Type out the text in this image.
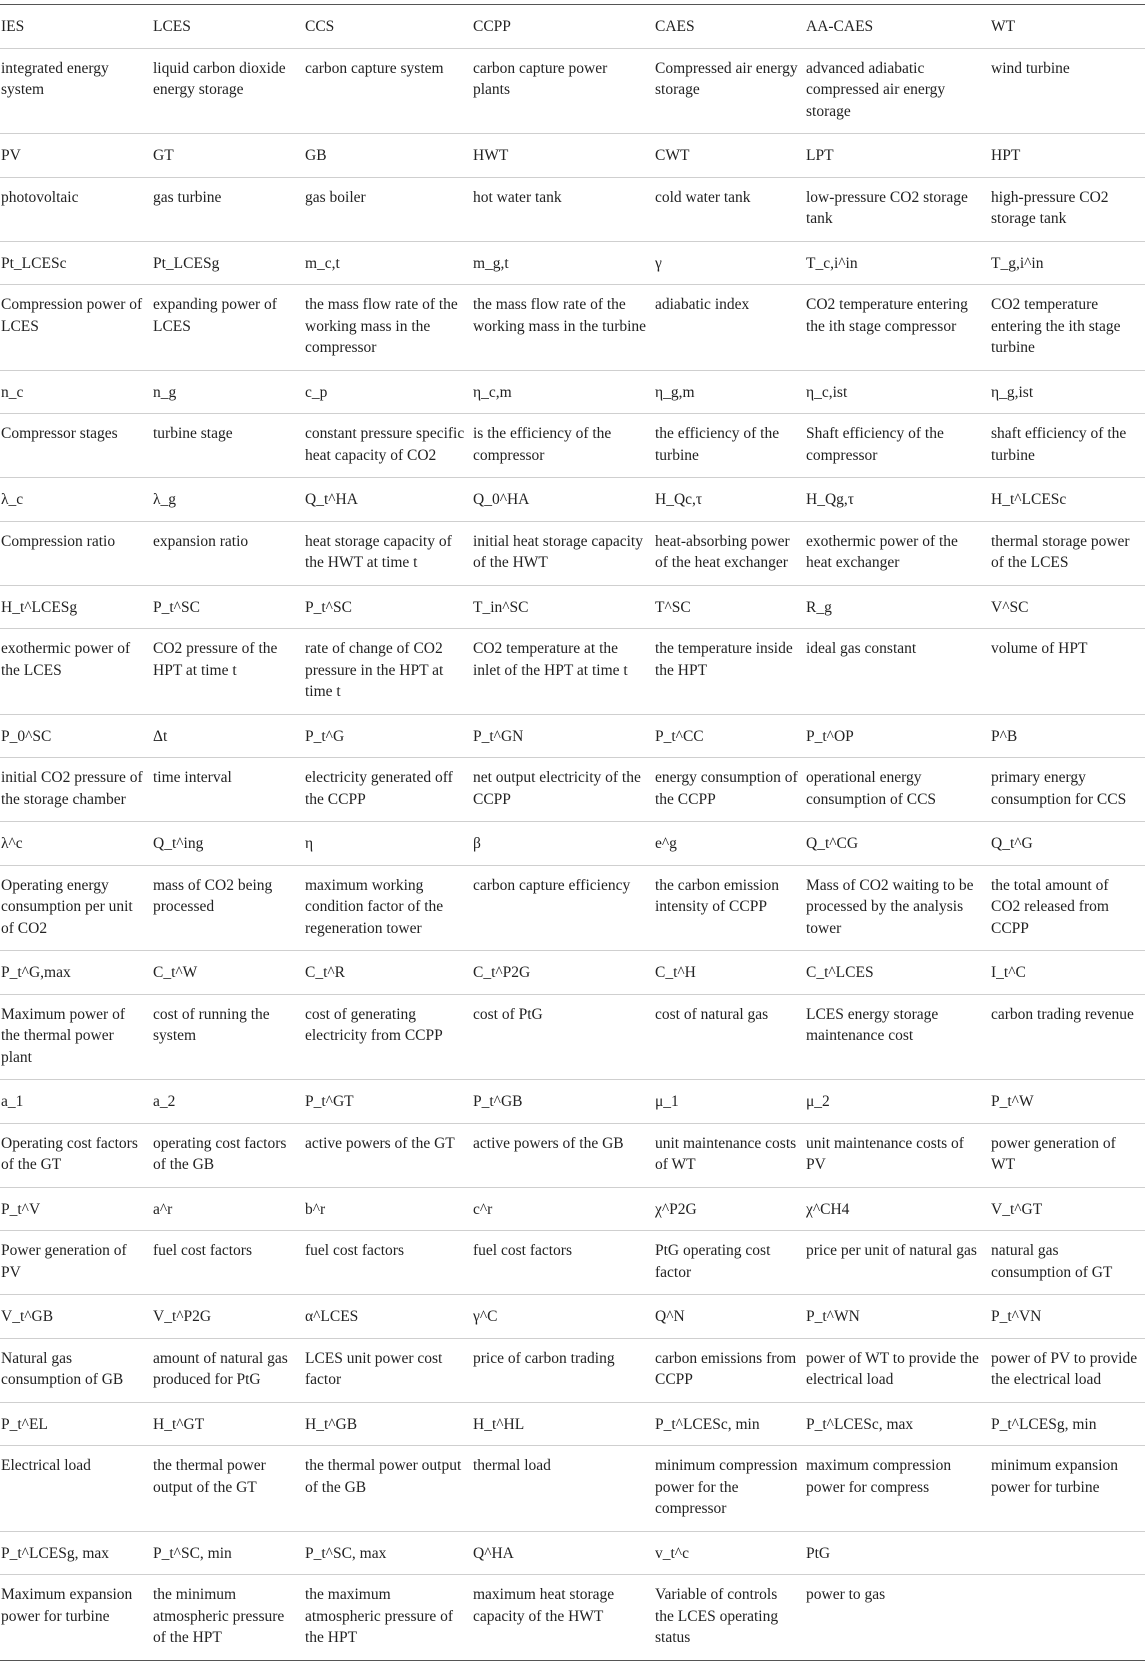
IES	LCES	CCS	CCPP	CAES	AA-CAES	WT
integrated energy system	liquid carbon dioxide energy storage	carbon capture system	carbon capture power plants	Compressed air energy storage	advanced adiabatic compressed air energy storage	wind turbine
PV	GT	GB	HWT	CWT	LPT	HPT
photovoltaic	gas turbine	gas boiler	hot water tank	cold water tank	low-pressure CO2 storage tank	high-pressure CO2 storage tank
Pt_LCESc	Pt_LCESg	m_c,t	m_g,t	γ	T_c,i^in	T_g,i^in
Compression power of LCES	expanding power of LCES	the mass flow rate of the working mass in the compressor	the mass flow rate of the working mass in the turbine	adiabatic index	CO2 temperature entering the ith stage compressor	CO2 temperature entering the ith stage turbine
n_c	n_g	c_p	η_c,m	η_g,m	η_c,ist	η_g,ist
Compressor stages	turbine stage	constant pressure specific heat capacity of CO2	is the efficiency of the compressor	the efficiency of the turbine	Shaft efficiency of the compressor	shaft efficiency of the turbine
λ_c	λ_g	Q_t^HA	Q_0^HA	H_Qc,τ	H_Qg,τ	H_t^LCESc
Compression ratio	expansion ratio	heat storage capacity of the HWT at time t	initial heat storage capacity of the HWT	heat-absorbing power of the heat exchanger	exothermic power of the heat exchanger	thermal storage power of the LCES
H_t^LCESg	P_t^SC	P_t^SC	T_in^SC	T^SC	R_g	V^SC
exothermic power of the LCES	CO2 pressure of the HPT at time t	rate of change of CO2 pressure in the HPT at time t	CO2 temperature at the inlet of the HPT at time t	the temperature inside the HPT	ideal gas constant	volume of HPT
P_0^SC	Δt	P_t^G	P_t^GN	P_t^CC	P_t^OP	P^B
initial CO2 pressure of the storage chamber	time interval	electricity generated off the CCPP	net output electricity of the CCPP	energy consumption of the CCPP	operational energy consumption of CCS	primary energy consumption for CCS
λ^c	Q_t^ing	η	β	e^g	Q_t^CG	Q_t^G
Operating energy consumption per unit of CO2	mass of CO2 being processed	maximum working condition factor of the regeneration tower	carbon capture efficiency	the carbon emission intensity of CCPP	Mass of CO2 waiting to be processed by the analysis tower	the total amount of CO2 released from CCPP
P_t^G,max	C_t^W	C_t^R	C_t^P2G	C_t^H	C_t^LCES	I_t^C
Maximum power of the thermal power plant	cost of running the system	cost of generating electricity from CCPP	cost of PtG	cost of natural gas	LCES energy storage maintenance cost	carbon trading revenue
a_1	a_2	P_t^GT	P_t^GB	μ_1	μ_2	P_t^W
Operating cost factors of the GT	operating cost factors of the GB	active powers of the GT	active powers of the GB	unit maintenance costs of WT	unit maintenance costs of PV	power generation of WT
P_t^V	a^r	b^r	c^r	χ^P2G	χ^CH4	V_t^GT
Power generation of PV	fuel cost factors	fuel cost factors	fuel cost factors	PtG operating cost factor	price per unit of natural gas	natural gas consumption of GT
V_t^GB	V_t^P2G	α^LCES	γ^C	Q^N	P_t^WN	P_t^VN
Natural gas consumption of GB	amount of natural gas produced for PtG	LCES unit power cost factor	price of carbon trading	carbon emissions from CCPP	power of WT to provide the electrical load	power of PV to provide the electrical load
P_t^EL	H_t^GT	H_t^GB	H_t^HL	P_t^LCESc, min	P_t^LCESc, max	P_t^LCESg, min
Electrical load	the thermal power output of the GT	the thermal power output of the GB	thermal load	minimum compression power for the compressor	maximum compression power for compress	minimum expansion power for turbine
P_t^LCESg, max	P_t^SC, min	P_t^SC, max	Q^HA	v_t^c	PtG	
Maximum expansion power for turbine	the minimum atmospheric pressure of the HPT	the maximum atmospheric pressure of the HPT	maximum heat storage capacity of the HWT	Variable of controls the LCES operating status	power to gas	
